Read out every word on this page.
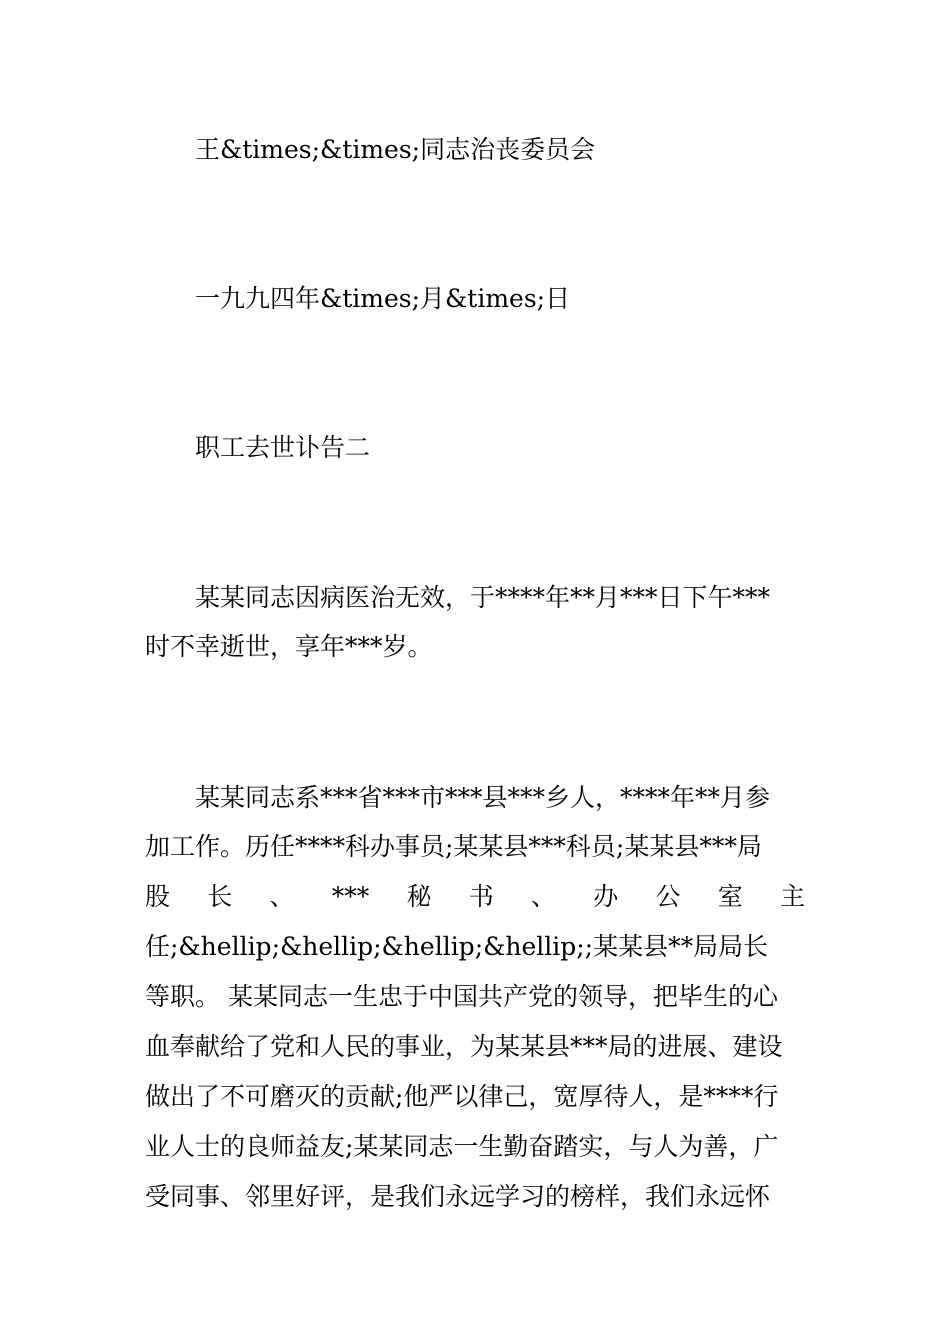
王&times;&times;同志治丧委员会
一九九四年&times;月&times;日
职工去世讣告二
某某同志因病医治无效，于****年**月***日下午***
时不幸逝世，享年***岁。
某某同志系***省***市***县***乡人，****年**月参
加工作。历任****科办事员;某某县***科员;某某县***局
股 长 、 *** 秘 书 、 办 公 室 主
任;&hellip;&hellip;&hellip;&hellip;;某某县**局局长
等职。 某某同志一生忠于中国共产党的领导，把毕生的心
血奉献给了党和人民的事业，为某某县***局的进展、建设
做出了不可磨灭的贡献;他严以律己，宽厚待人，是****行
业人士的良师益友;某某同志一生勤奋踏实，与人为善，广
受同事、邻里好评，是我们永远学习的榜样，我们永远怀
